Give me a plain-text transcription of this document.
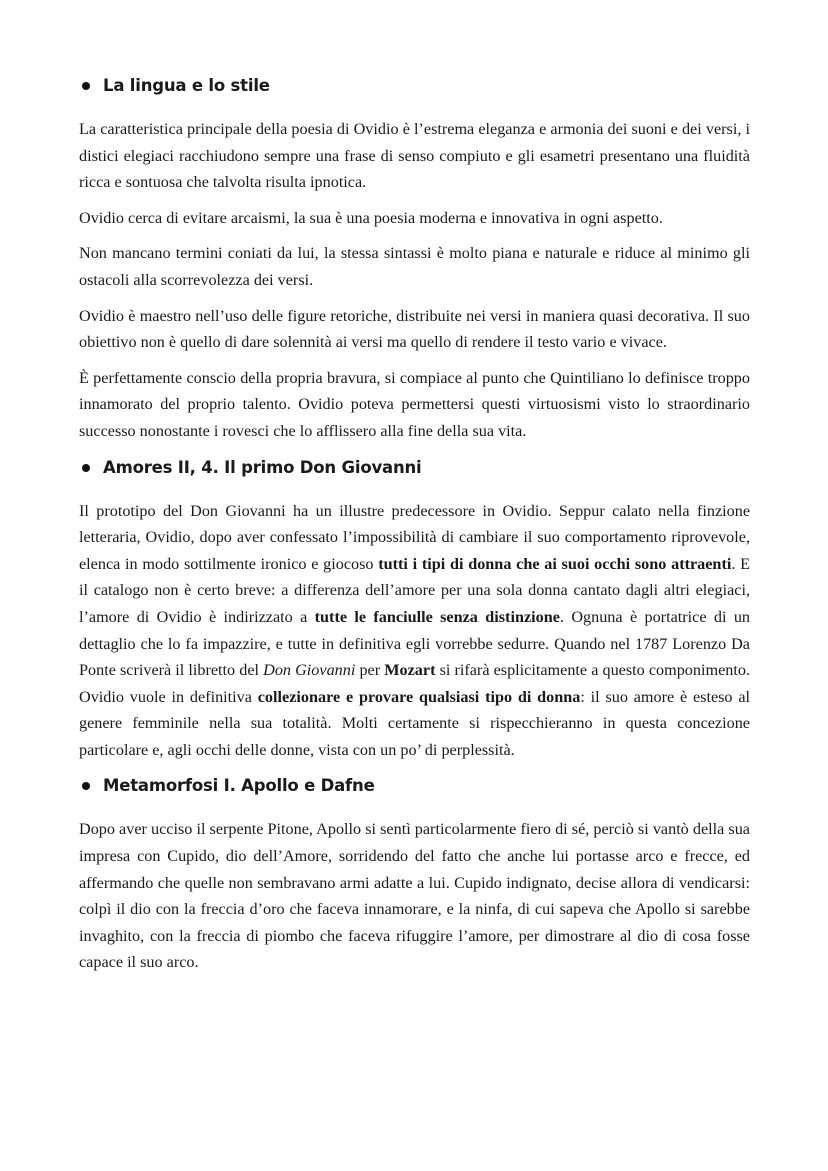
La lingua e lo stile

La caratteristica principale della poesia di Ovidio è l’estrema eleganza e armonia dei suoni e dei versi, i distici elegiaci racchiudono sempre una frase di senso compiuto e gli esametri presentano una fluidità ricca e sontuosa che talvolta risulta ipnotica.

Ovidio cerca di evitare arcaismi, la sua è una poesia moderna e innovativa in ogni aspetto.

Non mancano termini coniati da lui, la stessa sintassi è molto piana e naturale e riduce al minimo gli ostacoli alla scorrevolezza dei versi.

Ovidio è maestro nell’uso delle figure retoriche, distribuite nei versi in maniera quasi decorativa. Il suo obiettivo non è quello di dare solennità ai versi ma quello di rendere il testo vario e vivace.

È perfettamente conscio della propria bravura, si compiace al punto che Quintiliano lo definisce troppo innamorato del proprio talento. Ovidio poteva permettersi questi virtuosismi visto lo straordinario successo nonostante i rovesci che lo afflissero alla fine della sua vita.

Amores II, 4. Il primo Don Giovanni

Il prototipo del Don Giovanni ha un illustre predecessore in Ovidio. Seppur calato nella finzione letteraria, Ovidio, dopo aver confessato l’impossibilità di cambiare il suo comportamento riprovevole, elenca in modo sottilmente ironico e giocoso tutti i tipi di donna che ai suoi occhi sono attraenti. E il catalogo non è certo breve: a differenza dell’amore per una sola donna cantato dagli altri elegiaci, l’amore di Ovidio è indirizzato a tutte le fanciulle senza distinzione. Ognuna è portatrice di un dettaglio che lo fa impazzire, e tutte in definitiva egli vorrebbe sedurre. Quando nel 1787 Lorenzo Da Ponte scriverà il libretto del Don Giovanni per Mozart si rifarà esplicitamente a questo componimento. Ovidio vuole in definitiva collezionare e provare qualsiasi tipo di donna: il suo amore è esteso al genere femminile nella sua totalità. Molti certamente si rispecchieranno in questa concezione particolare e, agli occhi delle donne, vista con un po’ di perplessità.

Metamorfosi I. Apollo e Dafne

Dopo aver ucciso il serpente Pitone, Apollo si sentì particolarmente fiero di sé, perciò si vantò della sua impresa con Cupido, dio dell’Amore, sorridendo del fatto che anche lui portasse arco e frecce, ed affermando che quelle non sembravano armi adatte a lui. Cupido indignato, decise allora di vendicarsi: colpì il dio con la freccia d’oro che faceva innamorare, e la ninfa, di cui sapeva che Apollo si sarebbe invaghito, con la freccia di piombo che faceva rifuggire l’amore, per dimostrare al dio di cosa fosse capace il suo arco.
